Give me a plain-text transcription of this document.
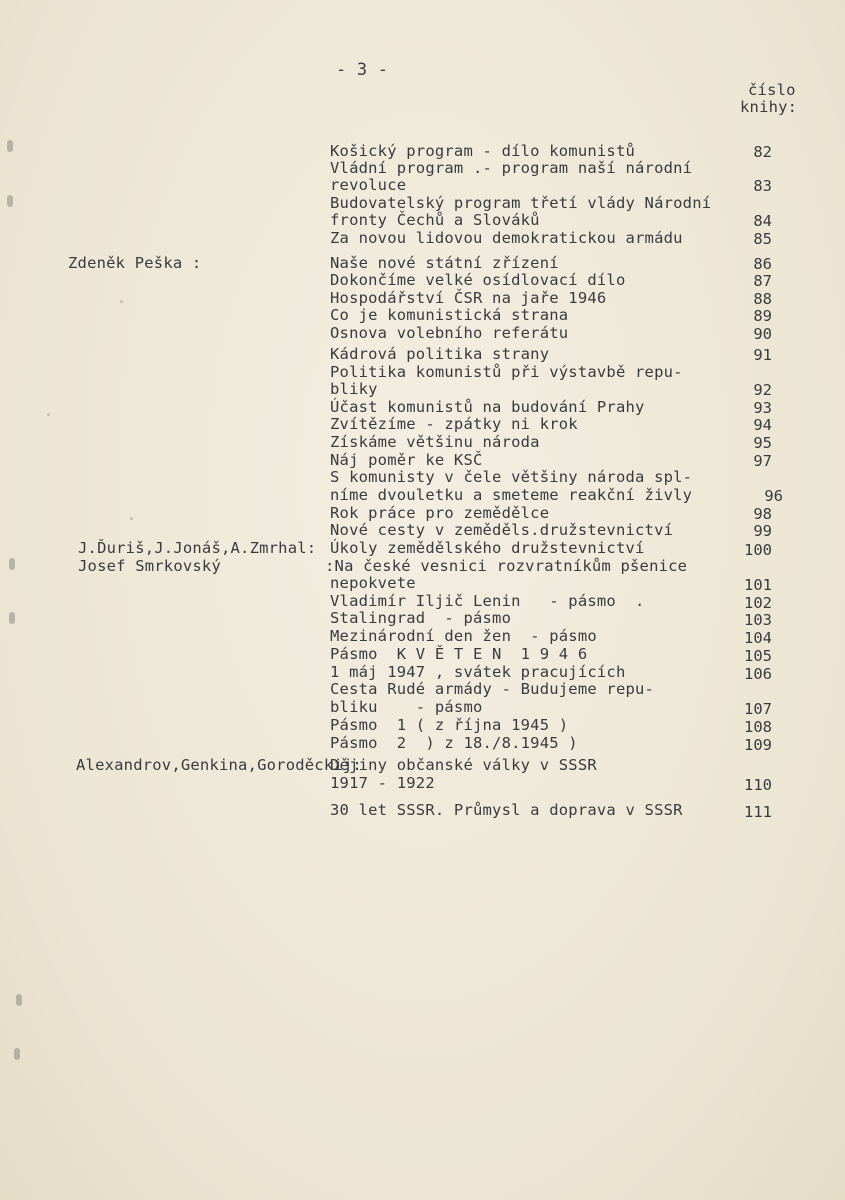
- 3 -
číslo
knihy:
Košický program - dílo komunistů	82
Vládní program .- program naší národní
revoluce	83
Budovatelský program třetí vlády Národní
fronty Čechů a Slováků	84
Za novou lidovou demokratickou armádu	85
Zdeněk Peška :	Naše nové státní zřízení	86
Dokončíme velké osídlovací dílo	87
Hospodářství ČSR na jaře 1946	88
Co je komunistická strana	89
Osnova volebního referátu	90
Kádrová politika strany	91
Politika komunistů při výstavbě repu-
bliky	92
Účast komunistů na budování Prahy	93
Zvítězíme - zpátky ni krok	94
Získáme většinu národa	95
Náj poměr ke KSČ	97
S komunisty v čele většiny národa spl-
níme dvouletku a smeteme reakční živly	96
Rok práce pro zemědělce	98
Nové cesty v zeměděls.družstevnictví	99
J.Ďuriš,J.Jonáš,A.Zmrhal: Úkoly zemědělského družstevnictví	100
Josef Smrkovský	:Na české vesnici rozvratníkům pšenice
nepokvete	101
Vladimír Iljič Lenin   - pásmo  .	102
Stalingrad  - pásmo	103
Mezinárodní den žen  - pásmo	104
Pásmo  K V Ě T E N  1 9 4 6	105
1 máj 1947 , svátek pracujících	106
Cesta Rudé armády - Budujeme repu-
bliku    - pásmo	107
Pásmo  1 ( z října 1945 )	108
Pásmo  2  ) z 18./8.1945 )	109
Alexandrov,Genkina,Goroděckij:
Dějiny občanské války v SSSR
1917 - 1922	110
30 let SSSR. Průmysl a doprava v SSSR	111
